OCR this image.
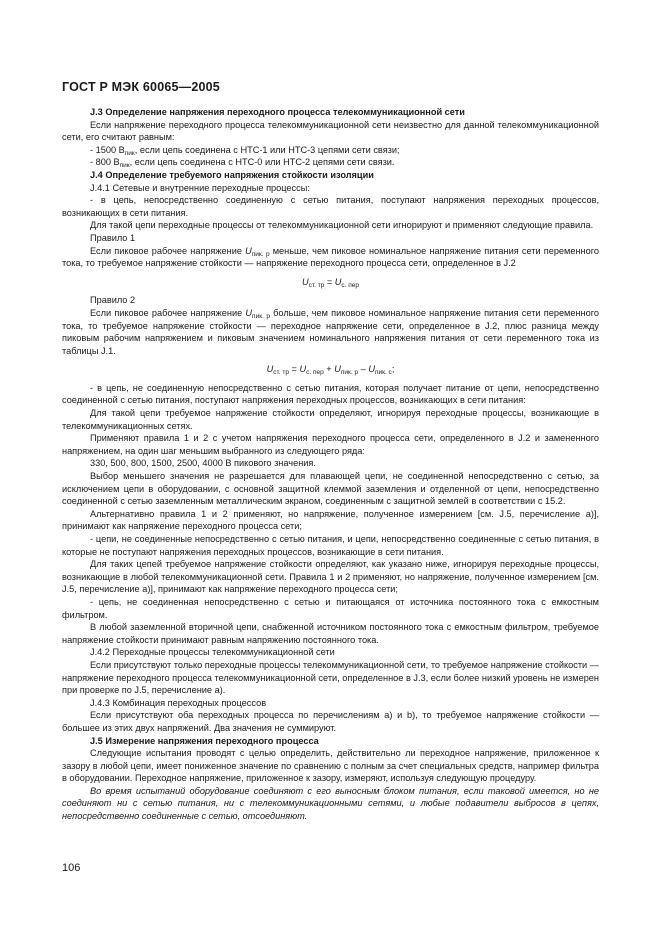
ГОСТ Р МЭК 60065—2005

J.3 Определение напряжения переходного процесса телекоммуникационной сети

Если напряжение переходного процесса телекоммуникационной сети неизвестно для данной телекоммуникационной сети, его считают равным:

- 1500 $В_{пик}$, если цепь соединена с НТС-1 или НТС-3 цепями сети связи;

- 800 $В_{пик}$, если цепь соединена с НТС-0 или НТС-2 цепями сети связи.

J.4 Определение требуемого напряжения стойкости изоляции

J.4.1 Сетевые и внутренние переходные процессы:

- в цепь, непосредственно соединенную с сетью питания, поступают напряжения переходных процессов, возникающих в сети питания.

Для такой цепи переходные процессы от телекоммуникационной сети игнорируют и применяют следующие правила.

Правило 1

Если пиковое рабочее напряжение $U_{пик. р}$ меньше, чем пиковое номинальное напряжение питания сети переменного тока, то требуемое напряжение стойкости — напряжение переходного процесса сети, определенное в J.2

$U_{ст. тр} = U_{с. пер}$

Правило 2

Если пиковое рабочее напряжение $U_{пик. р}$ больше, чем пиковое номинальное напряжение питания сети переменного тока, то требуемое напряжение стойкости — переходное напряжение сети, определенное в J.2, плюс разница между пиковым рабочим напряжением и пиковым значением номинального напряжения питания от сети переменного тока из таблицы J.1.

$U_{ст. тр} = U_{с. пер} + U_{пик. р} - U_{пик. с}$;

- в цепь, не соединенную непосредственно с сетью питания, которая получает питание от цепи, непосредственно соединенной с сетью питания, поступают напряжения переходных процессов, возникающих в сети питания:

Для такой цепи требуемое напряжение стойкости определяют, игнорируя переходные процессы, возникающие в телекоммуникационных сетях.

Применяют правила 1 и 2 с учетом напряжения переходного процесса сети, определенного в J.2 и замененного напряжением, на один шаг меньшим выбранного из следующего ряда:

330, 500, 800, 1500, 2500, 4000 В пикового значения.

Выбор меньшего значения не разрешается для плавающей цепи, не соединенной непосредственно с сетью, за исключением цепи в оборудовании, с основной защитной клеммой заземления и отделенной от цепи, непосредственно соединенной с сетью заземленным металлическим экраном, соединенным с защитной землей в соответствии с 15.2.

Альтернативно правила 1 и 2 применяют, но напряжение, полученное измерением [см. J.5, перечисление а)], принимают как напряжение переходного процесса сети;

- цепи, не соединенные непосредственно с сетью питания, и цепи, непосредственно соединенные с сетью питания, в которые не поступают напряжения переходных процессов, возникающие в сети питания.

Для таких цепей требуемое напряжение стойкости определяют, как указано ниже, игнорируя переходные процессы, возникающие в любой телекоммуникационной сети. Правила 1 и 2 применяют, но напряжение, полученное измерением [см. J.5, перечисление а)], принимают как напряжение переходного процесса сети;

- цепь, не соединенная непосредственно с сетью и питающаяся от источника постоянного тока с емкостным фильтром.

В любой заземленной вторичной цепи, снабженной источником постоянного тока с емкостным фильтром, требуемое напряжение стойкости принимают равным напряжению постоянного тока.

J.4.2 Переходные процессы телекоммуникационной сети

Если присутствуют только переходные процессы телекоммуникационной сети, то требуемое напряжение стойкости — напряжение переходного процесса телекоммуникационной сети, определенное в J.3, если более низкий уровень не измерен при проверке по J.5, перечисление а).

J.4.3 Комбинация переходных процессов

Если присутствуют оба переходных процесса по перечислениям а) и b), то требуемое напряжение стойкости — большее из этих двух напряжений. Два значения не суммируют.

J.5 Измерение напряжения переходного процесса

Следующие испытания проводят с целью определить, действительно ли переходное напряжение, приложенное к зазору в любой цепи, имеет пониженное значение по сравнению с полным за счет специальных средств, например фильтра в оборудовании. Переходное напряжение, приложенное к зазору, измеряют, используя следующую процедуру.

Во время испытаний оборудование соединяют с его выносным блоком питания, если таковой имеется, но не соединяют ни с сетью питания, ни с телекоммуникационными сетями, и любые подавители выбросов в цепях, непосредственно соединенные с сетью, отсоединяют.

106
